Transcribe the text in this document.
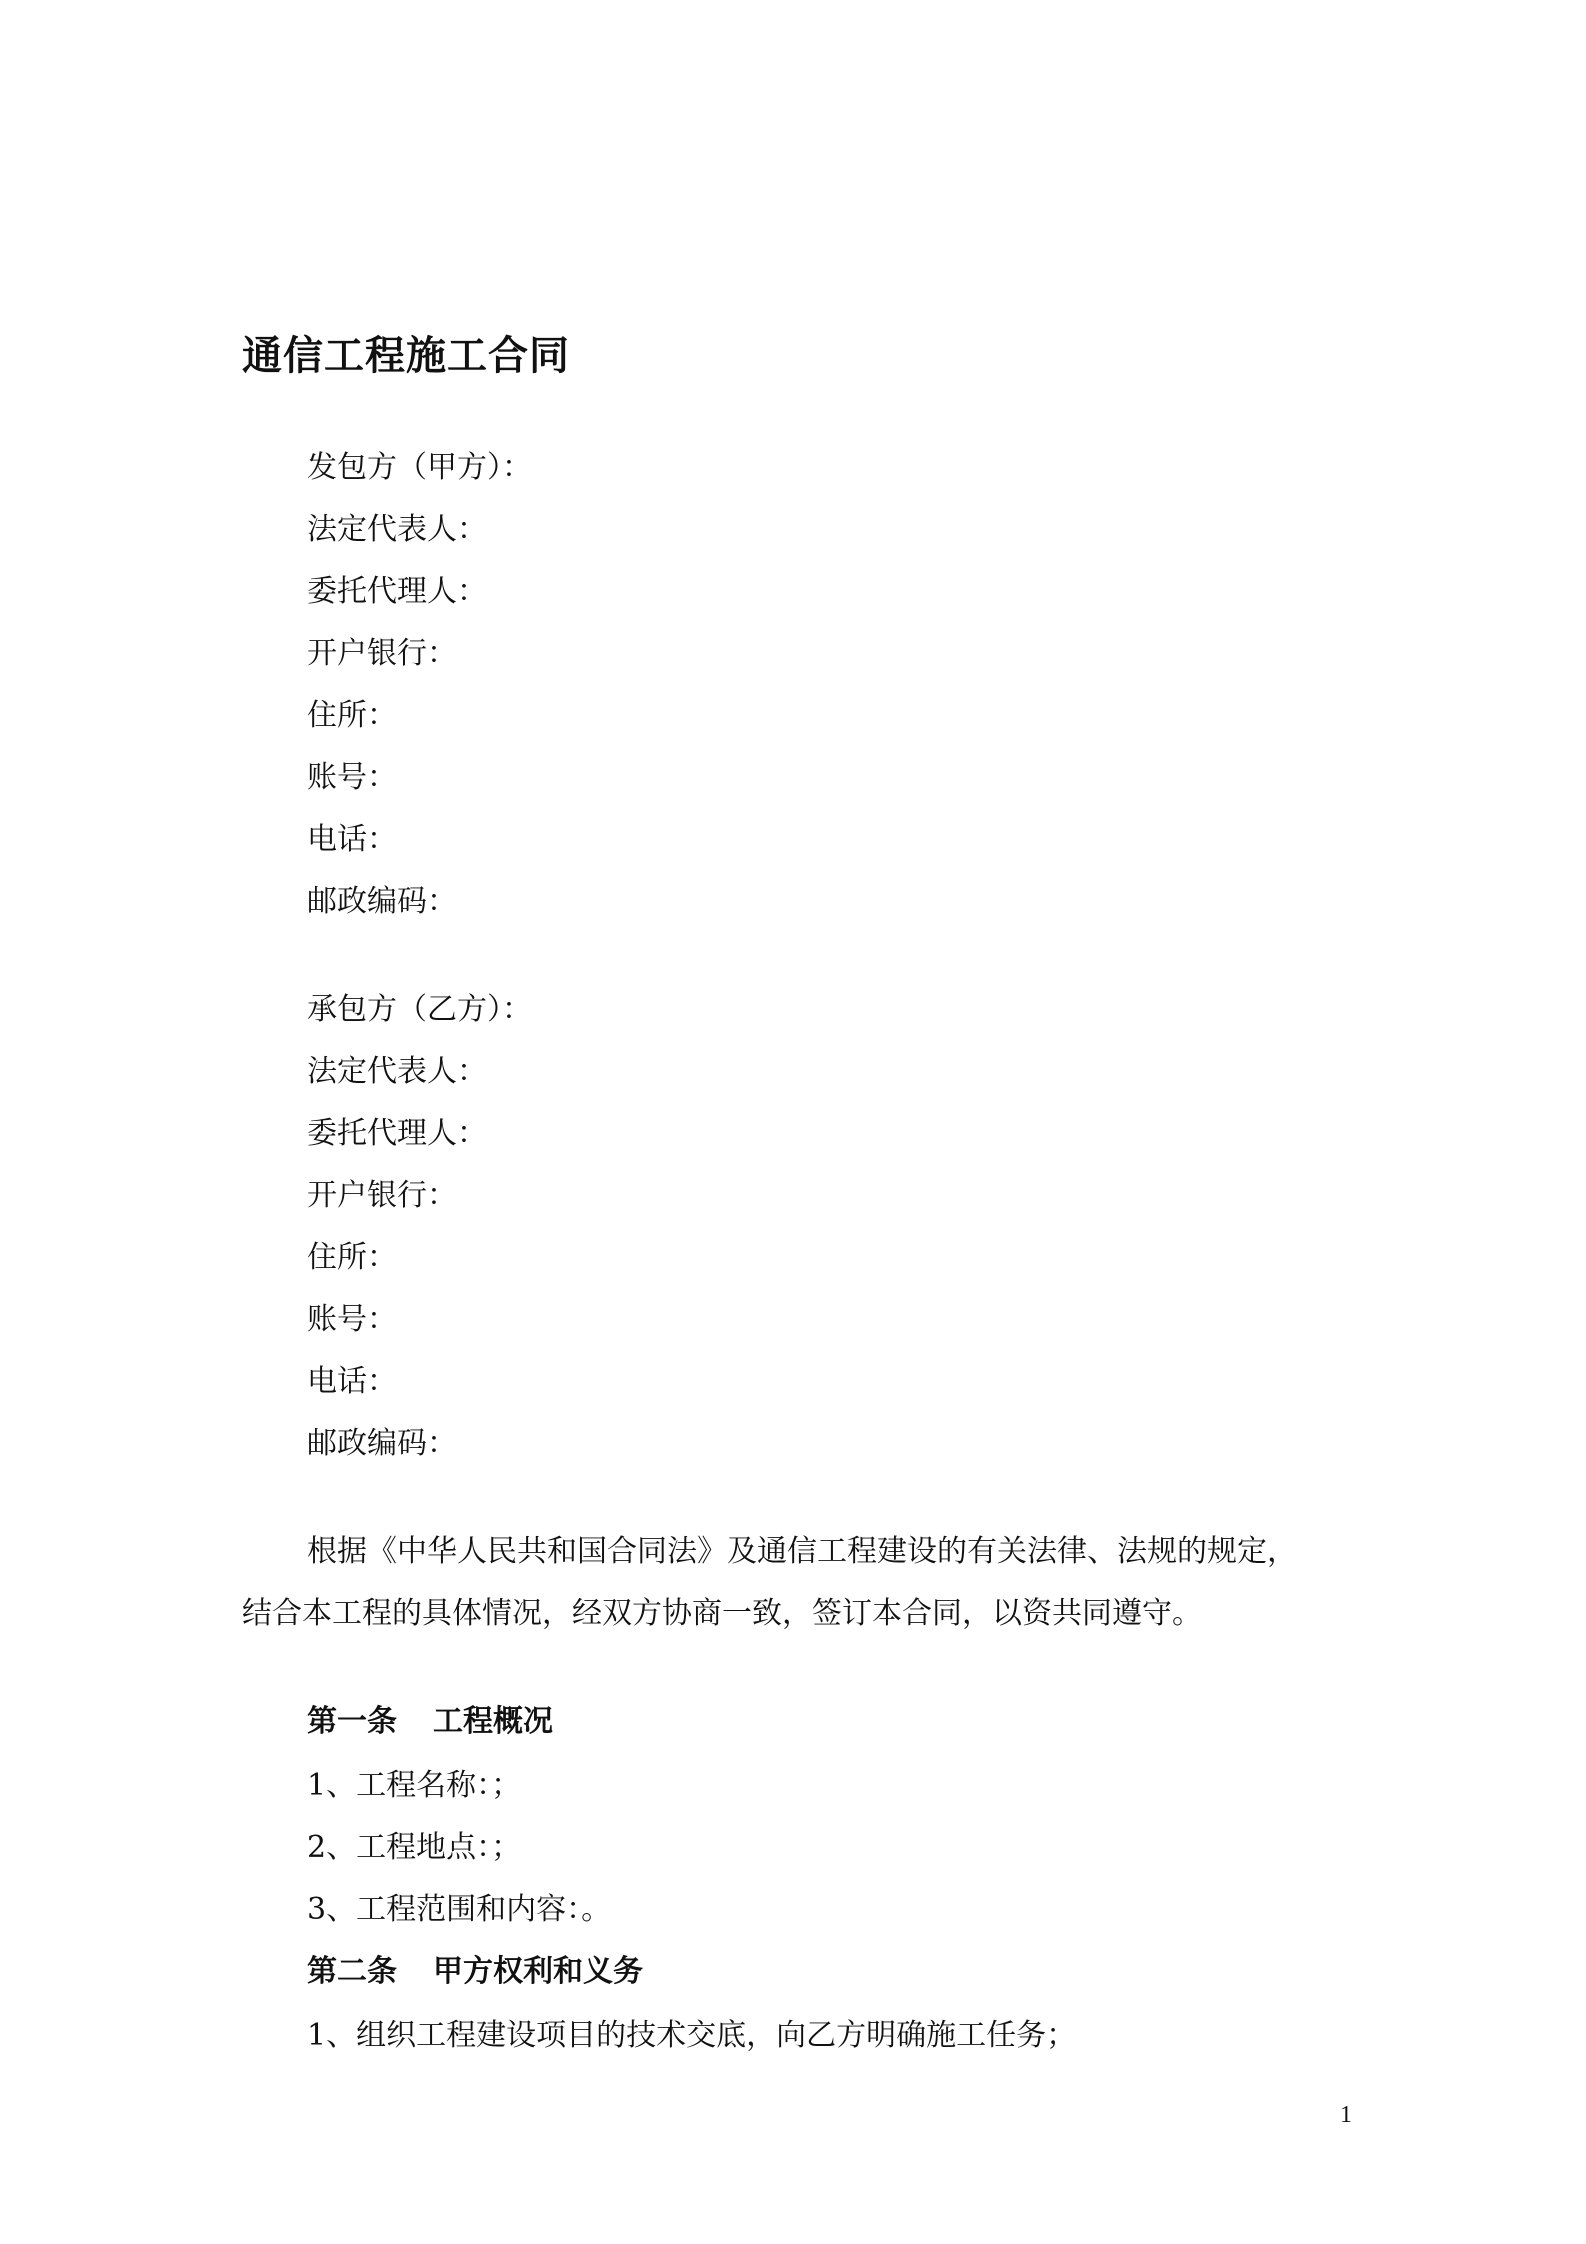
通信工程施工合同
发包方（甲方）：
法定代表人：
委托代理人：
开户银行：
住所：
账号：
电话：
邮政编码：
承包方（乙方）：
法定代表人：
委托代理人：
开户银行：
住所：
账号：
电话：
邮政编码：
根据《中华人民共和国合同法》及通信工程建设的有关法律、法规的规定，
结合本工程的具体情况，经双方协商一致，签订本合同，以资共同遵守。
第一条 工程概况
1、工程名称：；
2、工程地点：；
3、工程范围和内容：。
第二条 甲方权利和义务
1、组织工程建设项目的技术交底，向乙方明确施工任务；
1
